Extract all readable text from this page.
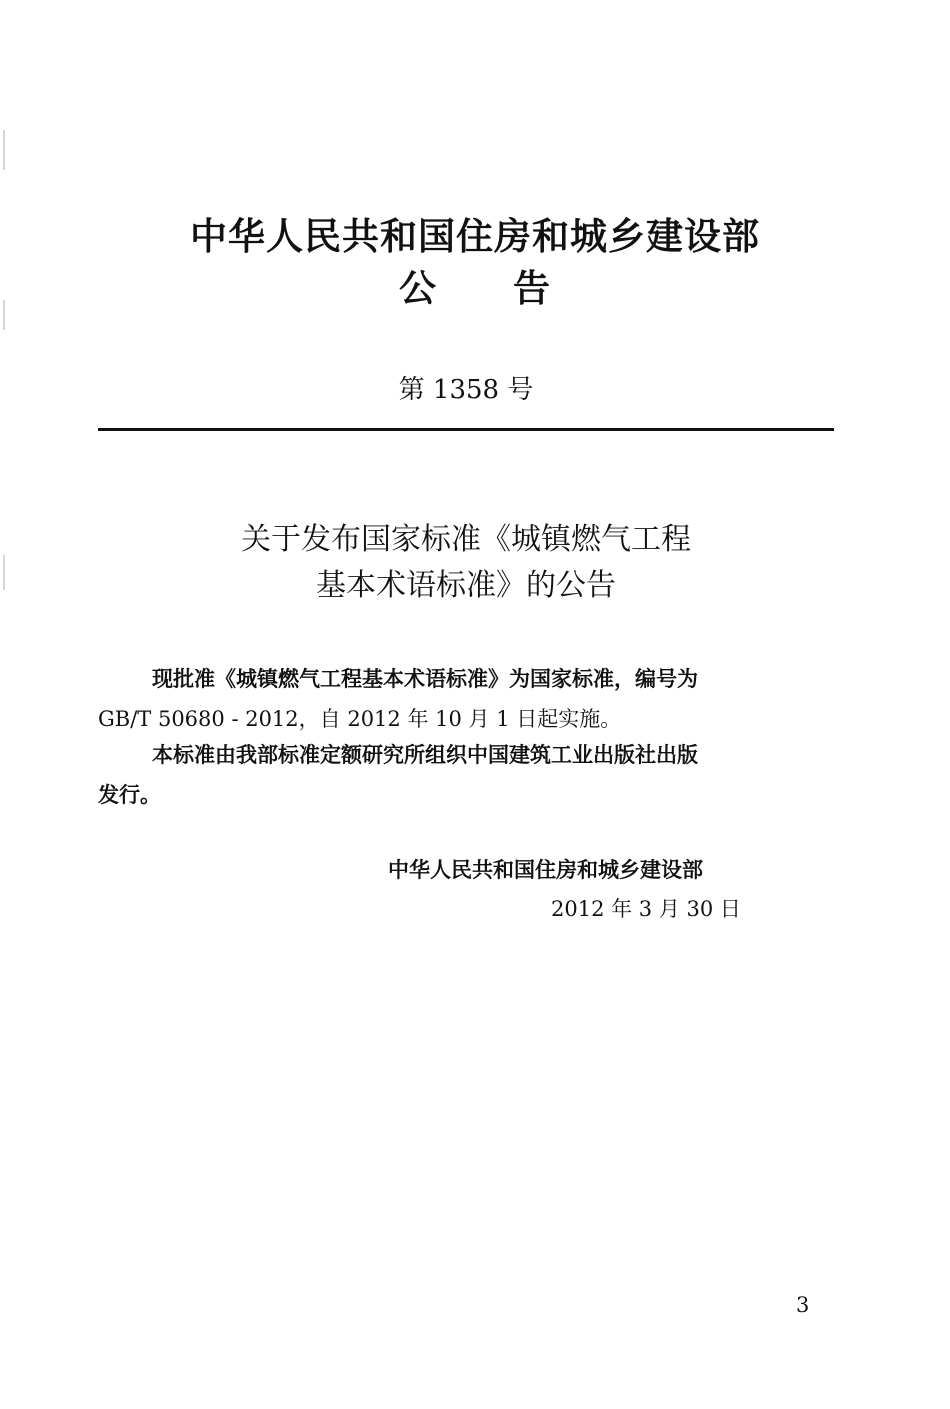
中华人民共和国住房和城乡建设部
公　　告
第 1358 号
关于发布国家标准《城镇燃气工程
基本术语标准》的公告
现批准《城镇燃气工程基本术语标准》为国家标准，编号为
GB/T 50680 - 2012，自 2012 年 10 月 1 日起实施。
本标准由我部标准定额研究所组织中国建筑工业出版社出版
发行。
中华人民共和国住房和城乡建设部
2012 年 3 月 30 日
3
